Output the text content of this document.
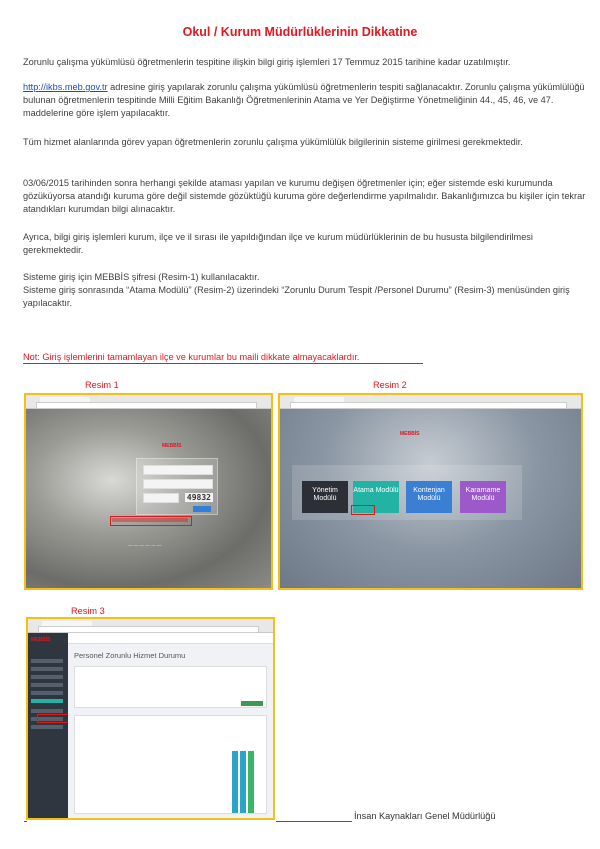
Okul / Kurum Müdürlüklerinin Dikkatine
Zorunlu çalışma yükümlüsü öğretmenlerin tespitine ilişkin bilgi giriş işlemleri 17 Temmuz 2015 tarihine kadar uzatılmıştır.
http://ikbs.meb.gov.tr adresine giriş yapılarak zorunlu çalışma yükümlüsü öğretmenlerin tespiti sağlanacaktır. Zorunlu çalışma yükümlülüğü bulunan öğretmenlerin tespitinde Milli Eğitim Bakanlığı Öğretmenlerinin Atama ve Yer Değiştirme Yönetmeliğinin 44., 45, 46, ve 47. maddelerine göre işlem yapılacaktır.
Tüm hizmet alanlarında görev yapan öğretmenlerin zorunlu çalışma yükümlülük bilgilerinin sisteme girilmesi gerekmektedir.
03/06/2015 tarihinden sonra herhangi şekilde ataması yapılan ve kurumu değişen öğretmenler için; eğer sistemde eski kurumunda gözüküyorsa atandığı kuruma göre değil sistemde gözüktüğü kuruma göre değerlendirme yapılmalıdır. Bakanlığımızca bu kişiler için tekrar atandıkları kurumdan bilgi alınacaktır.
Ayrıca, bilgi giriş işlemleri kurum, ilçe ve il sırası ile yapıldığından ilçe ve kurum müdürlüklerinin de bu hususta bilgilendirilmesi gerekmektedir.
Sisteme giriş için MEBBİS şifresi (Resim-1) kullanılacaktır.
Sisteme giriş sonrasında “Atama Modülü” (Resim-2) üzerindeki “Zorunlu Durum Tespit /Personel Durumu” (Resim-3) menüsünden giriş yapılacaktır.
Not: Giriş işlemlerini tamamlayan ilçe ve kurumlar bu maili dikkate almayacaklardır.
Resim 1	Resim 2
Resim 3
MEBBİS
49832
— — — — — —
MEBBİS
Yönetim Modülü
Atama Modülü	Kontenjan Modülü
Kararname Modülü
MEBBİS
Personel Zorunlu Hizmet Durumu
İnsan Kaynakları Genel Müdürlüğü
